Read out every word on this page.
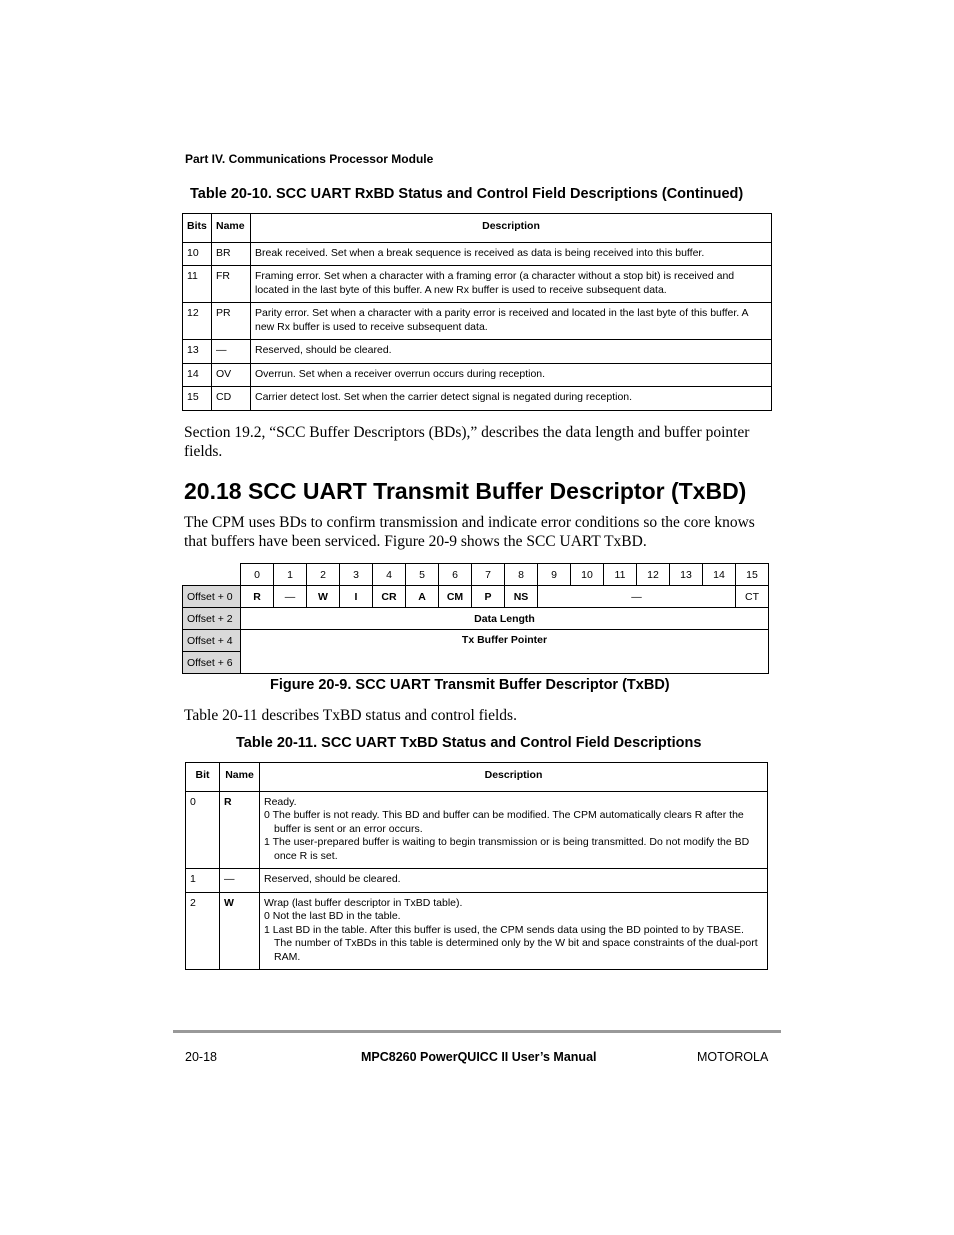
Part IV. Communications Processor Module
Table 20-10. SCC UART RxBD Status and Control Field Descriptions (Continued)
Bits	Name	Description
10	BR	Break received. Set when a break sequence is received as data is being received into this buffer.
11	FR	Framing error. Set when a character with a framing error (a character without a stop bit) is received and located in the last byte of this buffer. A new Rx buffer is used to receive subsequent data.
12	PR	Parity error. Set when a character with a parity error is received and located in the last byte of this buffer. A new Rx buffer is used to receive subsequent data.
13	—	Reserved, should be cleared.
14	OV	Overrun. Set when a receiver overrun occurs during reception.
15	CD	Carrier detect lost. Set when the carrier detect signal is negated during reception.
Section 19.2, “SCC Buffer Descriptors (BDs),” describes the data length and buffer pointer fields.
20.18 SCC UART Transmit Buffer Descriptor (TxBD)
The CPM uses BDs to confirm transmission and indicate error conditions so the core knows that buffers have been serviced. Figure 20-9 shows the SCC UART TxBD.
	0	1	2	3	4	5	6	7	8	9	10	11	12	13	14	15
Offset + 0	R	—	W	I	CR	A	CM	P	NS	—						CT
Offset + 2	Data Length															
Offset + 4	Tx Buffer Pointer															
Offset + 6																
Figure 20-9. SCC UART Transmit Buffer Descriptor (TxBD)
Table 20-11 describes TxBD status and control fields.
Table 20-11. SCC UART TxBD Status and Control Field Descriptions
Bit	Name	Description
0	R	Ready.
0 The buffer is not ready. This BD and buffer can be modified. The CPM automatically clears R after the buffer is sent or an error occurs.
1 The user-prepared buffer is waiting to begin transmission or is being transmitted. Do not modify the BD once R is set.

1	—	Reserved, should be cleared.
2	W	Wrap (last buffer descriptor in TxBD table).
0 Not the last BD in the table.
1 Last BD in the table. After this buffer is used, the CPM sends data using the BD pointed to by TBASE. The number of TxBDs in this table is determined only by the W bit and space constraints of the dual-port RAM.
20-18	MPC8260 PowerQUICC II User’s Manual	MOTOROLA
